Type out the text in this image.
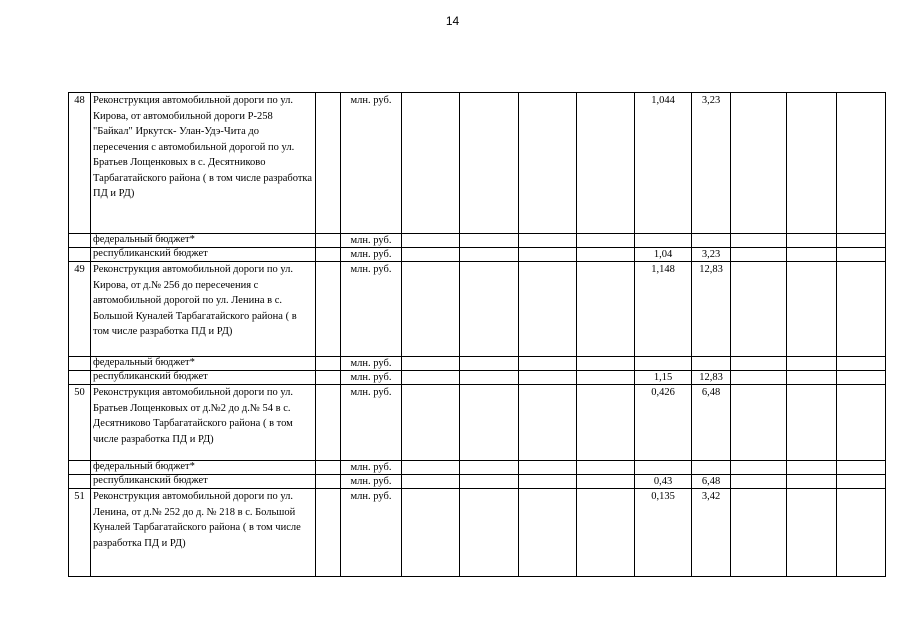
14
48	Реконструкция автомобильной дороги по ул. Кирова, от автомобильной дороги Р-258 "Байкал" Иркутск- Улан-Удэ-Чита до пересечения с автомобильной дорогой по ул. Братьев Лощенковых в с. Десятниково Тарбагатайского района ( в том числе разработка ПД и РД)		млн. руб.					1,044	3,23			
	федеральный бюджет*		млн. руб.									
	республиканский бюджет		млн. руб.					1,04	3,23			
49	Реконструкция автомобильной дороги по ул. Кирова, от д.№ 256 до пересечения с автомобильной дорогой по ул. Ленина в с. Большой Куналей Тарбагатайского района ( в том числе разработка ПД и РД)		млн. руб.					1,148	12,83			
	федеральный бюджет*		млн. руб.									
	республиканский бюджет		млн. руб.					1,15	12,83			
50	Реконструкция автомобильной дороги по ул. Братьев Лощенковых от д.№2 до д.№ 54 в с. Десятниково Тарбагатайского района ( в том числе разработка ПД и РД)		млн. руб.					0,426	6,48			
	федеральный бюджет*		млн. руб.									
	республиканский бюджет		млн. руб.					0,43	6,48			
51	Реконструкция автомобильной дороги по ул. Ленина, от д.№ 252 до д. № 218 в с. Большой Куналей Тарбагатайского района ( в том числе разработка ПД и РД)		млн. руб.					0,135	3,42			
